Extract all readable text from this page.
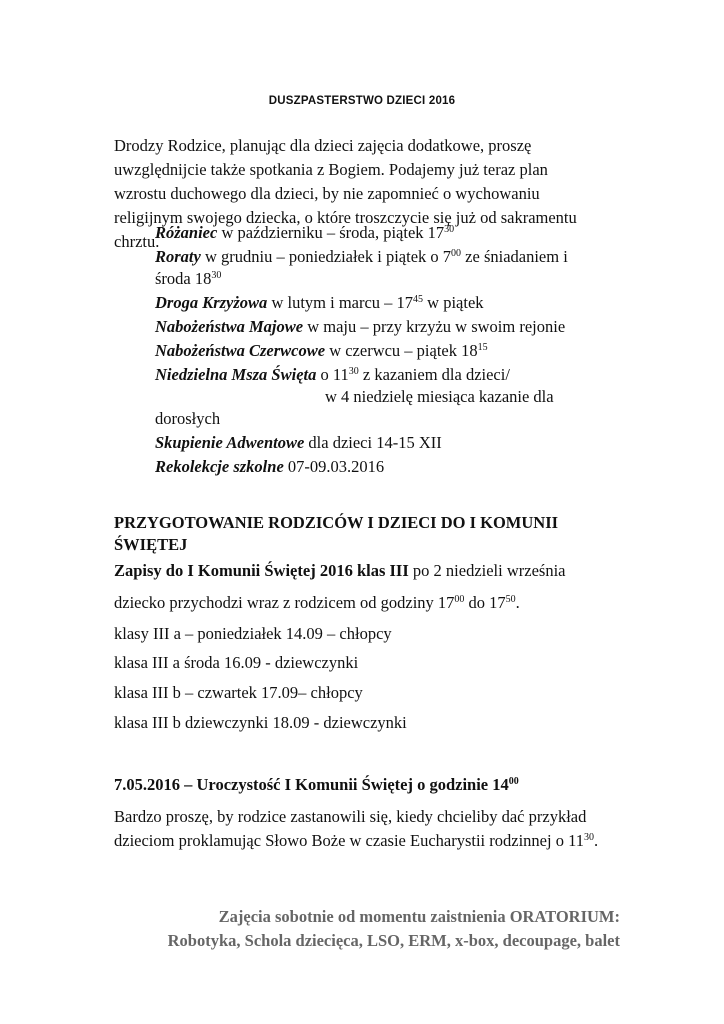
DUSZPASTERSTWO DZIECI 2016
Drodzy Rodzice, planując dla dzieci zajęcia dodatkowe, proszę uwzględnijcie także spotkania z Bogiem. Podajemy już teraz plan wzrostu duchowego dla dzieci, by nie zapomnieć o wychowaniu religijnym swojego dziecka, o które troszczycie się już od sakramentu chrztu.

Różaniec w październiku – środa, piątek $17^{30}$

Roraty w grudniu – poniedziałek i piątek o $7^{00}$ ze śniadaniem i środa $18^{30}$

Droga Krzyżowa w lutym i marcu – $17^{45}$ w piątek

Nabożeństwa Majowe w maju – przy krzyżu w swoim rejonie

Nabożeństwa Czerwcowe w czerwcu – piątek $18^{15}$

Niedzielna Msza Święta o $11^{30}$ z kazaniem dla dzieci/
w 4 niedzielę miesiąca kazanie dla
dorosłych

Skupienie Adwentowe dla dzieci 14-15 XII

Rekolekcje szkolne 07-09.03.2016

PRZYGOTOWANIE RODZICÓW I DZIECI DO I KOMUNII ŚWIĘTEJ
Zapisy do I Komunii Świętej 2016 klas III po 2 niedzieli września
dziecko przychodzi wraz z rodzicem od godziny $17^{00}$ do $17^{50}$.
klasy III a – poniedziałek 14.09 – chłopcy
klasa III a środa 16.09 - dziewczynki
klasa III b – czwartek 17.09– chłopcy
klasa III b dziewczynki 18.09 - dziewczynki
7.05.2016 – Uroczystość I Komunii Świętej o godzinie $14^{00}$
Bardzo proszę, by rodzice zastanowili się, kiedy chcieliby dać przykład dzieciom proklamując Słowo Boże w czasie Eucharystii rodzinnej o $11^{30}$.
Zajęcia sobotnie od momentu zaistnienia ORATORIUM:
Robotyka, Schola dziecięca, LSO, ERM, x-box, decoupage, balet
